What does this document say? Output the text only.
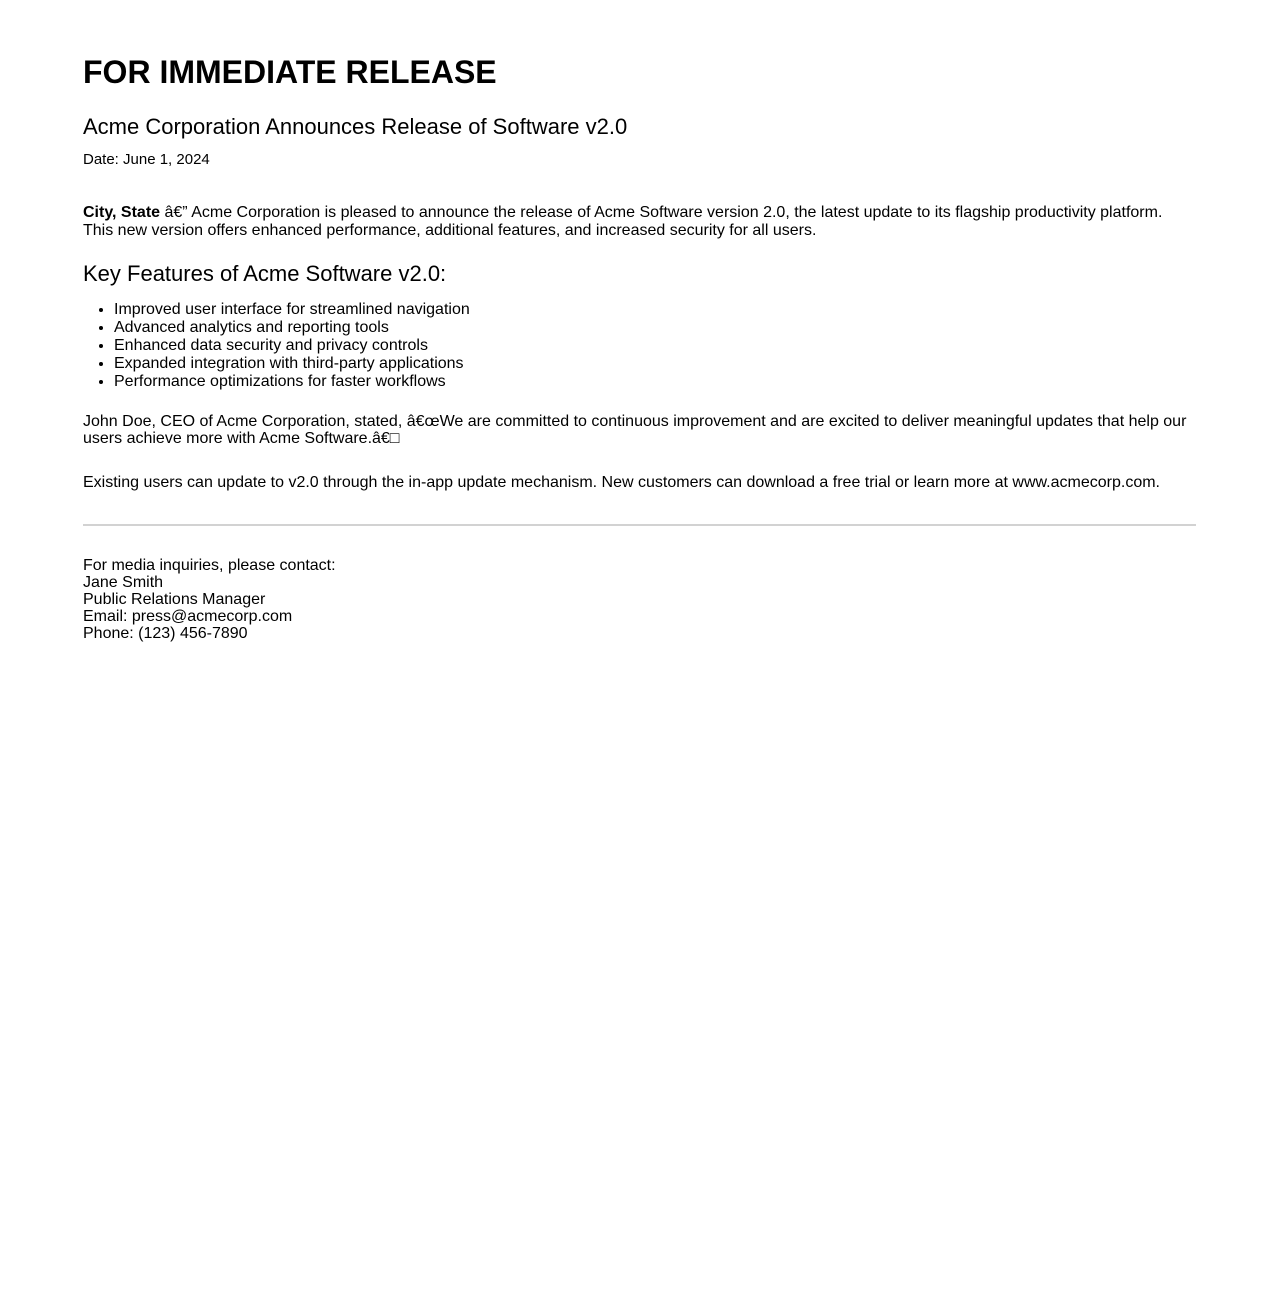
FOR IMMEDIATE RELEASE
Acme Corporation Announces Release of Software v2.0
Date: June 1, 2024

City, State â€” Acme Corporation is pleased to announce the release of Acme Software version 2.0, the latest update to its flagship productivity platform. This new version offers enhanced performance, additional features, and increased security for all users.

Key Features of Acme Software v2.0:
• Improved user interface for streamlined navigation
• Advanced analytics and reporting tools
• Enhanced data security and privacy controls
• Expanded integration with third-party applications
• Performance optimizations for faster workflows

John Doe, CEO of Acme Corporation, stated, â€œWe are committed to continuous improvement and are excited to deliver meaningful updates that help our users achieve more with Acme Software.â€□

Existing users can update to v2.0 through the in-app update mechanism. New customers can download a free trial or learn more at www.acmecorp.com.

For media inquiries, please contact:
Jane Smith
Public Relations Manager
Email: press@acmecorp.com
Phone: (123) 456-7890
